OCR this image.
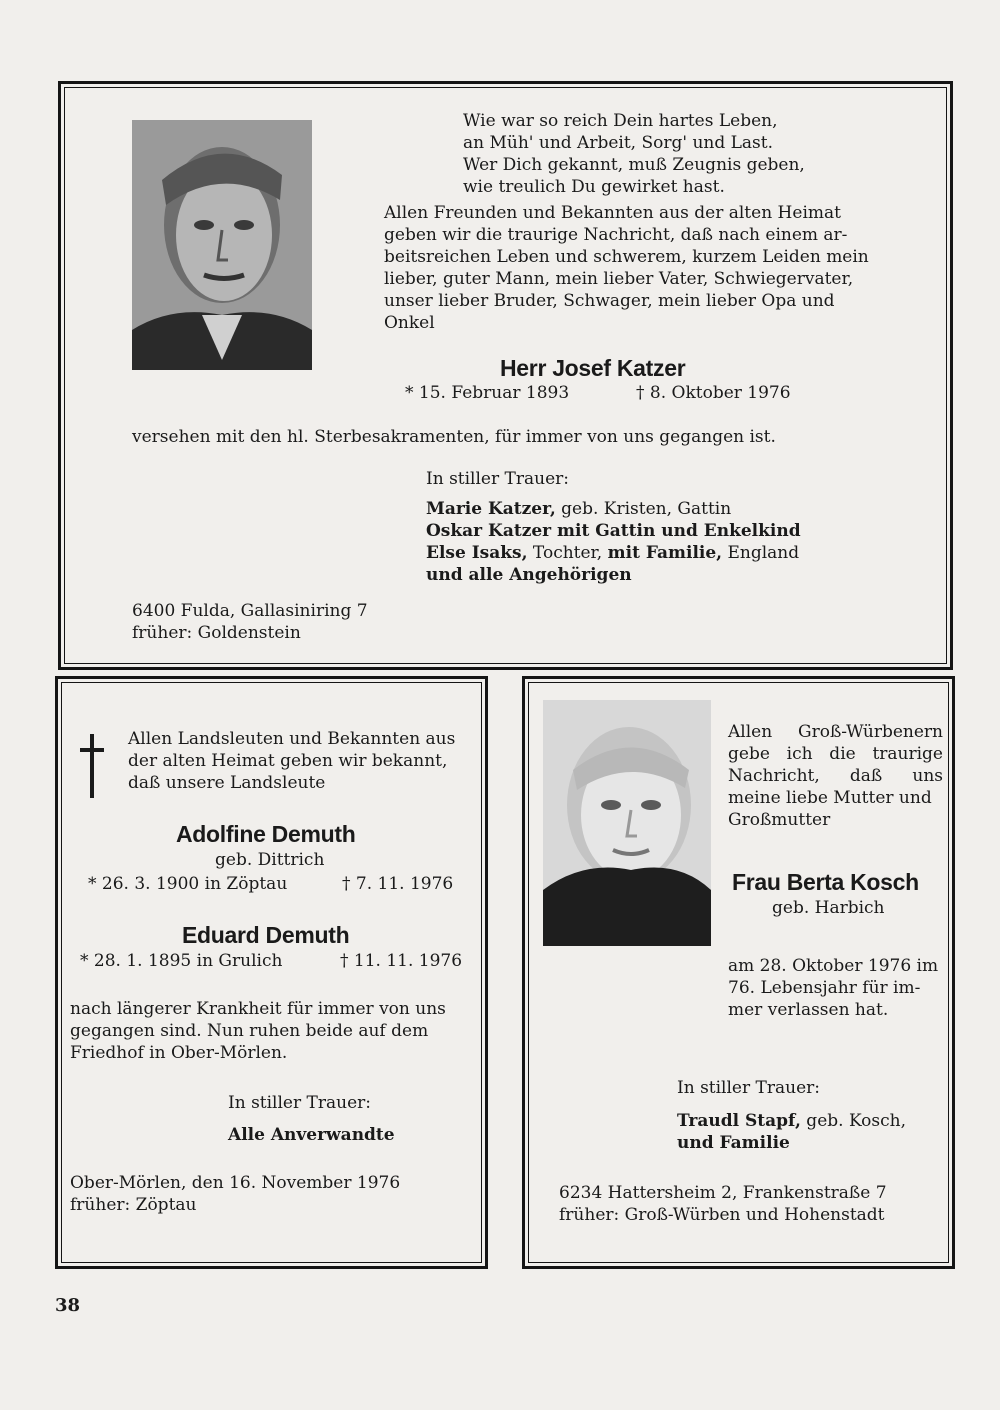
Wie war so reich Dein hartes Leben,
an Müh' und Arbeit, Sorg' und Last.
Wer Dich gekannt, muß Zeugnis geben,
wie treulich Du gewirket hast.
Allen Freunden und Bekannten aus der alten Heimat
geben wir die traurige Nachricht, daß nach einem ar-
beitsreichen Leben und schwerem, kurzem Leiden mein
lieber, guter Mann, mein lieber Vater, Schwiegervater,
unser lieber Bruder, Schwager, mein lieber Opa und
Onkel
Herr Josef Katzer
* 15. Februar 1893	† 8. Oktober 1976
versehen mit den hl. Sterbesakramenten, für immer von uns gegangen ist.
In stiller Trauer:
Marie Katzer, geb. Kristen, Gattin
Oskar Katzer mit Gattin und Enkelkind
Else Isaks, Tochter, mit Familie, England
und alle Angehörigen
6400 Fulda, Gallasiniring 7
früher: Goldenstein
Allen Landsleuten und Bekannten aus
der alten Heimat geben wir bekannt,
daß unsere Landsleute
Adolfine Demuth
geb. Dittrich
* 26. 3. 1900 in Zöptau	† 7. 11. 1976
Eduard Demuth
* 28. 1. 1895 in Grulich	† 11. 11. 1976
nach längerer Krankheit für immer von uns
gegangen sind. Nun ruhen beide auf dem
Friedhof in Ober-Mörlen.
In stiller Trauer:
Alle Anverwandte
Ober-Mörlen, den 16. November 1976
früher: Zöptau
Allen Groß-Würbenern
gebe ich die traurige
Nachricht, daß uns
meine liebe Mutter und
Großmutter
Frau Berta Kosch
geb. Harbich
am 28. Oktober 1976 im
76. Lebensjahr für im-
mer verlassen hat.
In stiller Trauer:
Traudl Stapf, geb. Kosch,
und Familie
6234 Hattersheim 2, Frankenstraße 7
früher: Groß-Würben und Hohenstadt
38
